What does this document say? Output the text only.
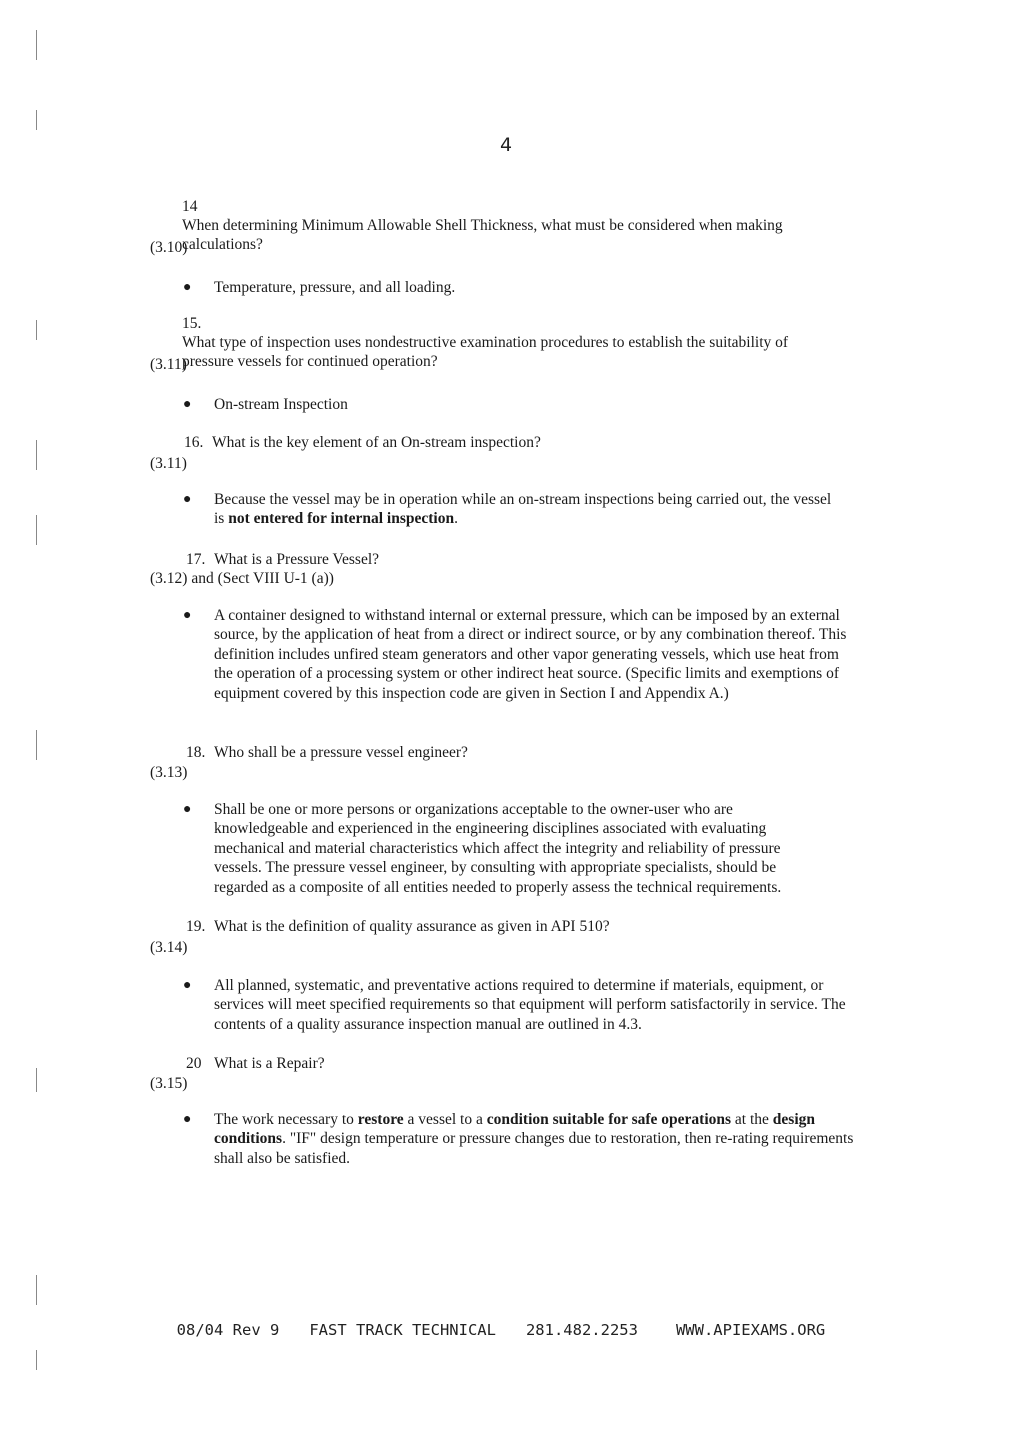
4
14When determining Minimum Allowable Shell Thickness, what must be considered when making calculations?
(3.10)
● Temperature, pressure, and all loading.
15.What type of inspection uses nondestructive examination procedures to establish the suitability of pressure vessels for continued operation?
(3.11)
● On-stream Inspection
16. What is the key element of an On-stream inspection?
(3.11)
● Because the vessel may be in operation while an on-stream inspections being carried out, the vessel is not entered for internal inspection.
17. What is a Pressure Vessel?
(3.12) and (Sect VIII U-1 (a))
● A container designed to withstand internal or external pressure, which can be imposed by an external source, by the application of heat from a direct or indirect source, or by any combination thereof. This definition includes unfired steam generators and other vapor generating vessels, which use heat from the operation of a processing system or other indirect heat source. (Specific limits and exemptions of equipment covered by this inspection code are given in Section I and Appendix A.)
18. Who shall be a pressure vessel engineer?
(3.13)
● Shall be one or more persons or organizations acceptable to the owner-user who are knowledgeable and experienced in the engineering disciplines associated with evaluating mechanical and material characteristics which affect the integrity and reliability of pressure vessels. The pressure vessel engineer, by consulting with appropriate specialists, should be regarded as a composite of all entities needed to properly assess the technical requirements.
19. What is the definition of quality assurance as given in API 510?
(3.14)
● All planned, systematic, and preventative actions required to determine if materials, equipment, or services will meet specified requirements so that equipment will perform satisfactorily in service. The contents of a quality assurance inspection manual are outlined in 4.3.
20 What is a Repair?
(3.15)
● The work necessary to restore a vessel to a condition suitable for safe operations at the design conditions. "IF" design temperature or pressure changes due to restoration, then re-rating requirements shall also be satisfied.

08/04 Rev 9 FAST TRACK TECHNICAL 281.482.2253 WWW.APIEXAMS.ORG
